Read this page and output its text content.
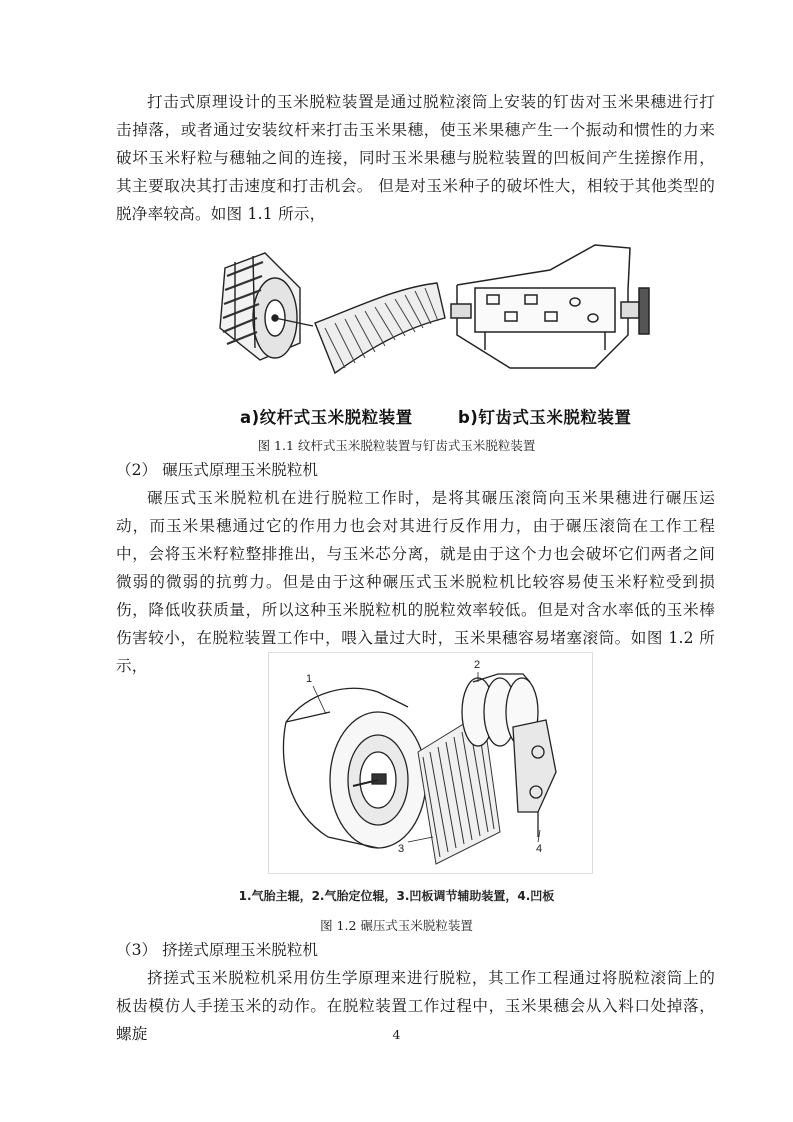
打击式原理设计的玉米脱粒装置是通过脱粒滚筒上安装的钉齿对玉米果穗进行打击掉落，或者通过安装纹杆来打击玉米果穗，使玉米果穗产生一个振动和惯性的力来破坏玉米籽粒与穗轴之间的连接，同时玉米果穗与脱粒装置的凹板间产生搓擦作用，其主要取决其打击速度和打击机会。 但是对玉米种子的破坏性大，相较于其他类型的脱净率较高。如图 1.1 所示，

a)纹杆式玉米脱粒装置	b)钉齿式玉米脱粒装置
图 1.1 纹杆式玉米脱粒装置与钉齿式玉米脱粒装置
（2） 碾压式原理玉米脱粒机

碾压式玉米脱粒机在进行脱粒工作时，是将其碾压滚筒向玉米果穗进行碾压运动，而玉米果穗通过它的作用力也会对其进行反作用力，由于碾压滚筒在工作工程中，会将玉米籽粒整排推出，与玉米芯分离，就是由于这个力也会破坏它们两者之间微弱的微弱的抗剪力。但是由于这种碾压式玉米脱粒机比较容易使玉米籽粒受到损伤，降低收获质量，所以这种玉米脱粒机的脱粒效率较低。但是对含水率低的玉米棒伤害较小，在脱粒装置工作中，喂入量过大时，玉米果穗容易堵塞滚筒。如图 1.2 所示，

1
2
3	4
1.气胎主辊，2.气胎定位辊，3.凹板调节辅助装置，4.凹板
图 1.2 碾压式玉米脱粒装置
（3） 挤搓式原理玉米脱粒机

挤搓式玉米脱粒机采用仿生学原理来进行脱粒，其工作工程通过将脱粒滚筒上的板齿模仿人手搓玉米的动作。在脱粒装置工作过程中，玉米果穗会从入料口处掉落，螺旋	4
